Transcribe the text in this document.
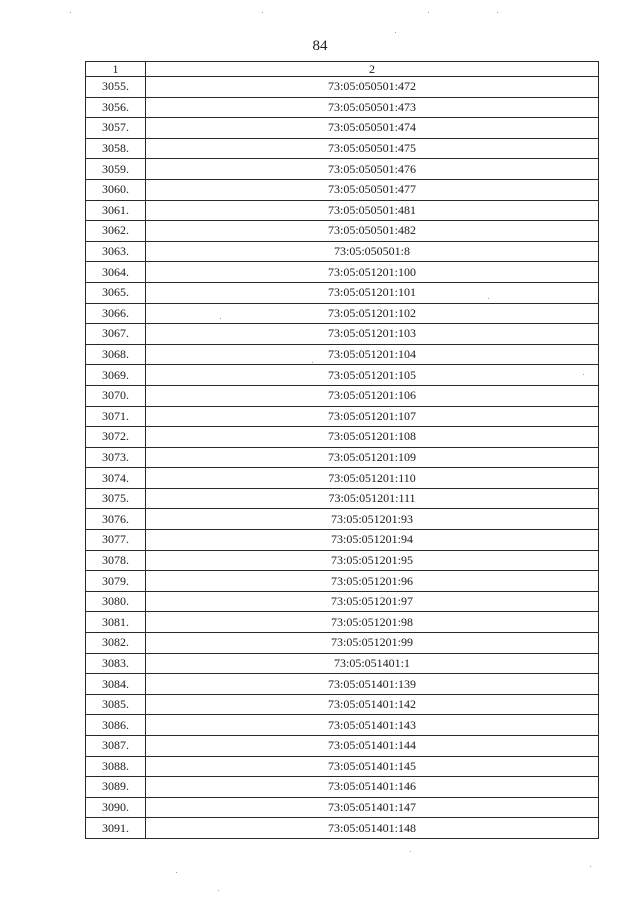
84
1	2
3055.	73:05:050501:472
3056.	73:05:050501:473
3057.	73:05:050501:474
3058.	73:05:050501:475
3059.	73:05:050501:476
3060.	73:05:050501:477
3061.	73:05:050501:481
3062.	73:05:050501:482
3063.	73:05:050501:8
3064.	73:05:051201:100
3065.	73:05:051201:101
3066.	73:05:051201:102
3067.	73:05:051201:103
3068.	73:05:051201:104
3069.	73:05:051201:105
3070.	73:05:051201:106
3071.	73:05:051201:107
3072.	73:05:051201:108
3073.	73:05:051201:109
3074.	73:05:051201:110
3075.	73:05:051201:111
3076.	73:05:051201:93
3077.	73:05:051201:94
3078.	73:05:051201:95
3079.	73:05:051201:96
3080.	73:05:051201:97
3081.	73:05:051201:98
3082.	73:05:051201:99
3083.	73:05:051401:1
3084.	73:05:051401:139
3085.	73:05:051401:142
3086.	73:05:051401:143
3087.	73:05:051401:144
3088.	73:05:051401:145
3089.	73:05:051401:146
3090.	73:05:051401:147
3091.	73:05:051401:148
